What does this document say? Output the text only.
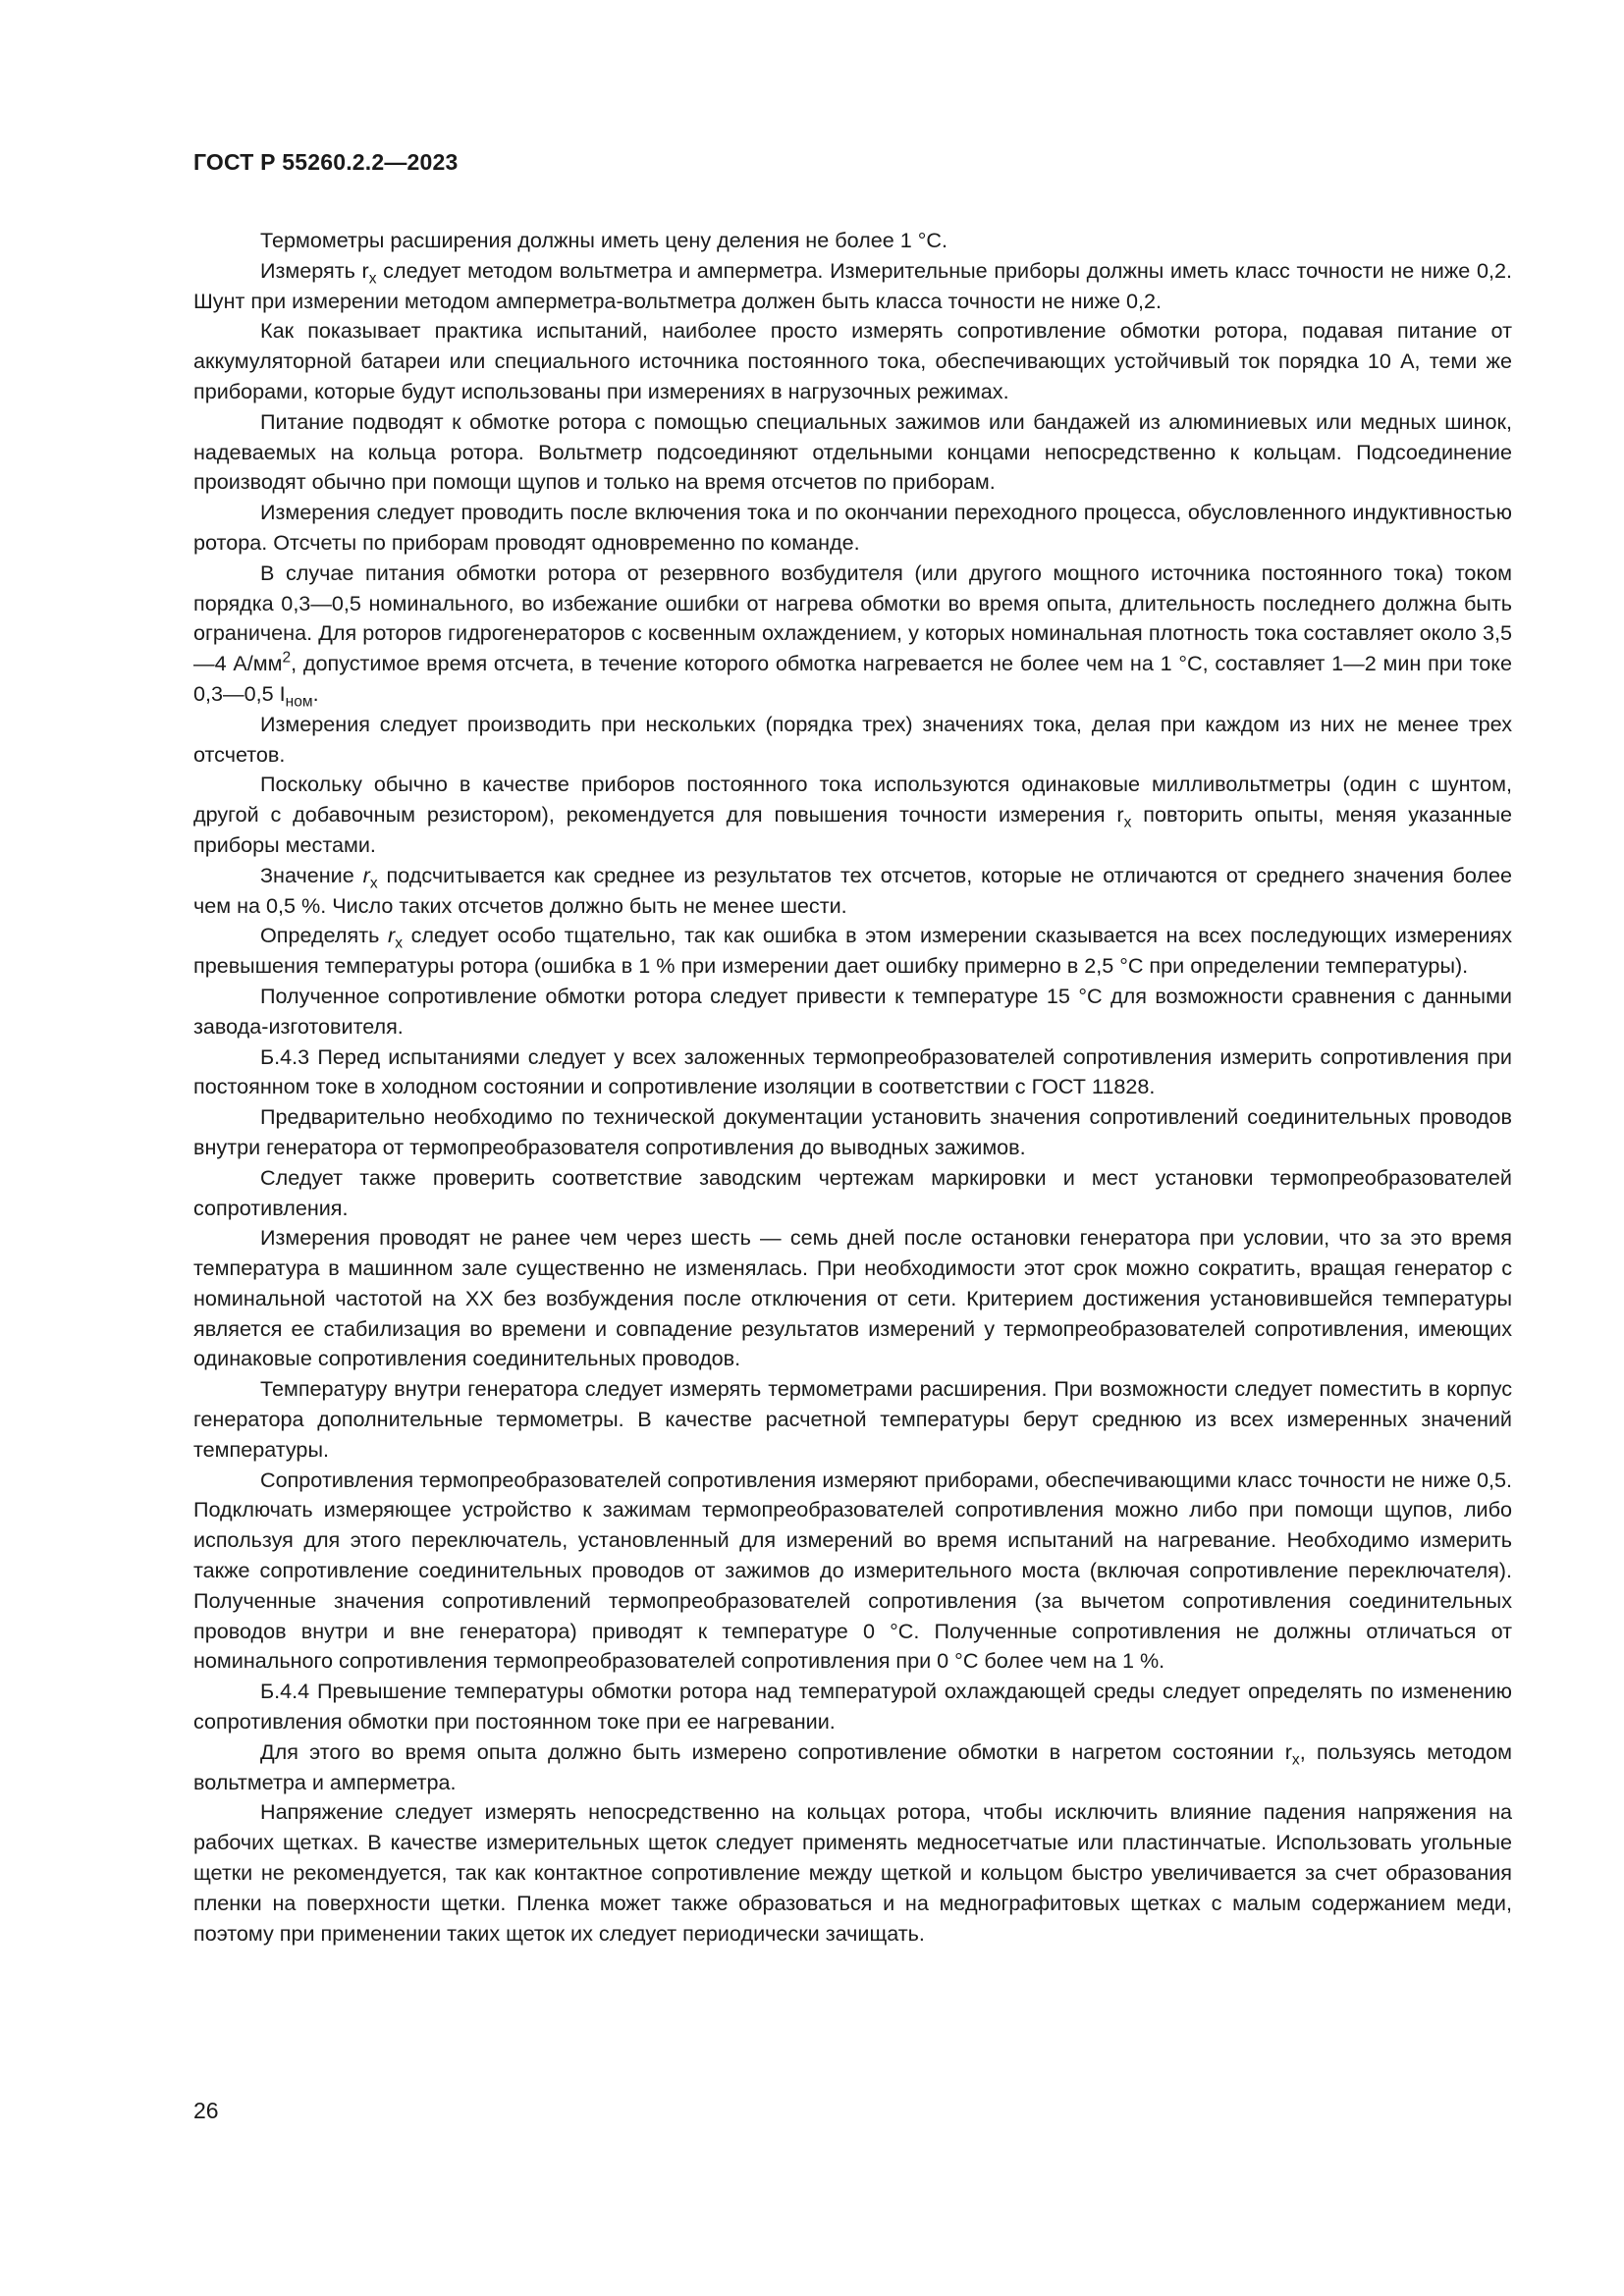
ГОСТ Р 55260.2.2—2023

Термометры расширения должны иметь цену деления не более 1 °С.

Измерять $r_x$ следует методом вольтметра и амперметра. Измерительные приборы должны иметь класс точности не ниже 0,2. Шунт при измерении методом амперметра-вольтметра должен быть класса точности не ниже 0,2.

Как показывает практика испытаний, наиболее просто измерять сопротивление обмотки ротора, подавая питание от аккумуляторной батареи или специального источника постоянного тока, обеспечивающих устойчивый ток порядка 10 А, теми же приборами, которые будут использованы при измерениях в нагрузочных режимах.

Питание подводят к обмотке ротора с помощью специальных зажимов или бандажей из алюминиевых или медных шинок, надеваемых на кольца ротора. Вольтметр подсоединяют отдельными концами непосредственно к кольцам. Подсоединение производят обычно при помощи щупов и только на время отсчетов по приборам.

Измерения следует проводить после включения тока и по окончании переходного процесса, обусловленного индуктивностью ротора. Отсчеты по приборам проводят одновременно по команде.

В случае питания обмотки ротора от резервного возбудителя (или другого мощного источника постоянного тока) током порядка 0,3—0,5 номинального, во избежание ошибки от нагрева обмотки во время опыта, длительность последнего должна быть ограничена. Для роторов гидрогенераторов с косвенным охлаждением, у которых номинальная плотность тока составляет около 3,5—4 $А/мм^2$, допустимое время отсчета, в течение которого обмотка нагревается не более чем на 1 °С, составляет 1—2 мин при токе 0,3—0,5 $I_{ном}$.

Измерения следует производить при нескольких (порядка трех) значениях тока, делая при каждом из них не менее трех отсчетов.

Поскольку обычно в качестве приборов постоянного тока используются одинаковые милливольтметры (один с шунтом, другой с добавочным резистором), рекомендуется для повышения точности измерения $r_x$ повторить опыты, меняя указанные приборы местами.

Значение $r_x$ подсчитывается как среднее из результатов тех отсчетов, которые не отличаются от среднего значения более чем на 0,5 %. Число таких отсчетов должно быть не менее шести.

Определять $r_x$ следует особо тщательно, так как ошибка в этом измерении сказывается на всех последующих измерениях превышения температуры ротора (ошибка в 1 % при измерении дает ошибку примерно в 2,5 °С при определении температуры).

Полученное сопротивление обмотки ротора следует привести к температуре 15 °С для возможности сравнения с данными завода-изготовителя.

Б.4.3 Перед испытаниями следует у всех заложенных термопреобразователей сопротивления измерить сопротивления при постоянном токе в холодном состоянии и сопротивление изоляции в соответствии с ГОСТ 11828.

Предварительно необходимо по технической документации установить значения сопротивлений соединительных проводов внутри генератора от термопреобразователя сопротивления до выводных зажимов.

Следует также проверить соответствие заводским чертежам маркировки и мест установки термопреобразователей сопротивления.

Измерения проводят не ранее чем через шесть — семь дней после остановки генератора при условии, что за это время температура в машинном зале существенно не изменялась. При необходимости этот срок можно сократить, вращая генератор с номинальной частотой на ХХ без возбуждения после отключения от сети. Критерием достижения установившейся температуры является ее стабилизация во времени и совпадение результатов измерений у термопреобразователей сопротивления, имеющих одинаковые сопротивления соединительных проводов.

Температуру внутри генератора следует измерять термометрами расширения. При возможности следует поместить в корпус генератора дополнительные термометры. В качестве расчетной температуры берут среднюю из всех измеренных значений температуры.

Сопротивления термопреобразователей сопротивления измеряют приборами, обеспечивающими класс точности не ниже 0,5. Подключать измеряющее устройство к зажимам термопреобразователей сопротивления можно либо при помощи щупов, либо используя для этого переключатель, установленный для измерений во время испытаний на нагревание. Необходимо измерить также сопротивление соединительных проводов от зажимов до измерительного моста (включая сопротивление переключателя). Полученные значения сопротивлений термопреобразователей сопротивления (за вычетом сопротивления соединительных проводов внутри и вне генератора) приводят к температуре 0 °С. Полученные сопротивления не должны отличаться от номинального сопротивления термопреобразователей сопротивления при 0 °С более чем на 1 %.

Б.4.4 Превышение температуры обмотки ротора над температурой охлаждающей среды следует определять по изменению сопротивления обмотки при постоянном токе при ее нагревании.

Для этого во время опыта должно быть измерено сопротивление обмотки в нагретом состоянии $r_x$, пользуясь методом вольтметра и амперметра.

Напряжение следует измерять непосредственно на кольцах ротора, чтобы исключить влияние падения напряжения на рабочих щетках. В качестве измерительных щеток следует применять медносетчатые или пластинчатые. Использовать угольные щетки не рекомендуется, так как контактное сопротивление между щеткой и кольцом быстро увеличивается за счет образования пленки на поверхности щетки. Пленка может также образоваться и на меднографитовых щетках с малым содержанием меди, поэтому при применении таких щеток их следует периодически зачищать.

26
